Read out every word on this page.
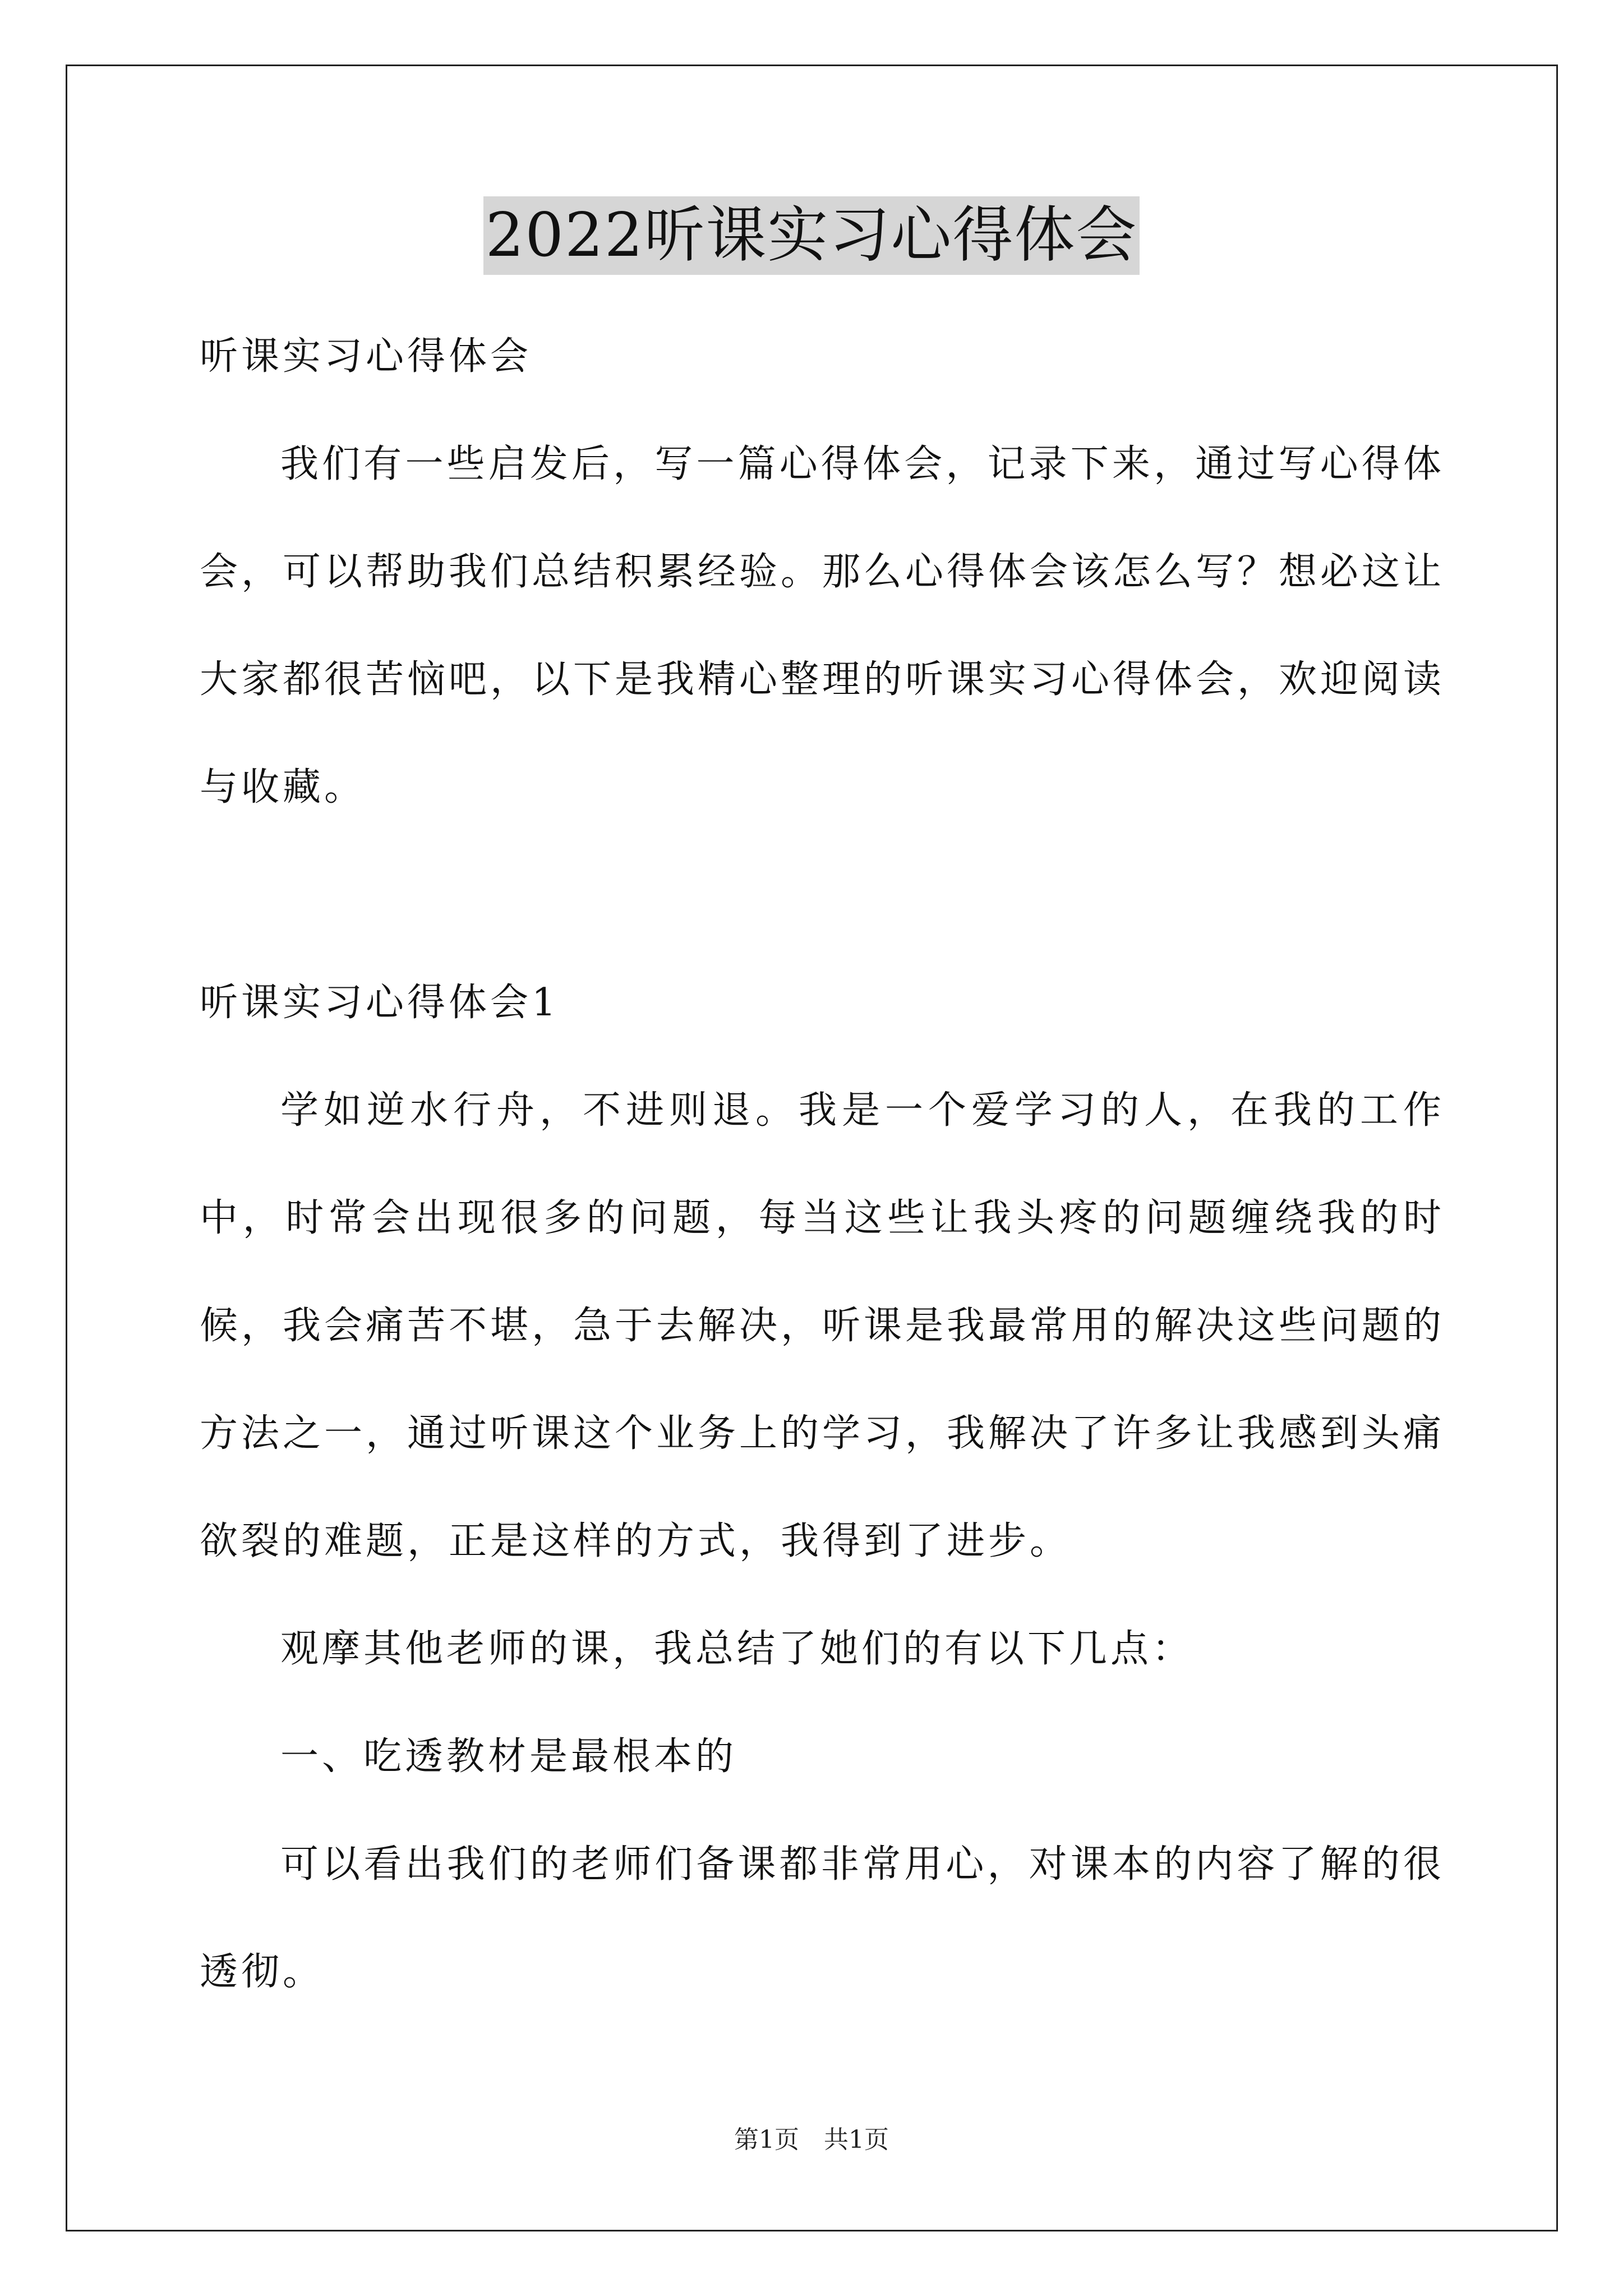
2022听课实习心得体会

听课实习心得体会

我们有一些启发后，写一篇心得体会，记录下来，通过写心得体会，可以帮助我们总结积累经验。那么心得体会该怎么写？想必这让大家都很苦恼吧，以下是我精心整理的听课实习心得体会，欢迎阅读与收藏。

听课实习心得体会1

学如逆水行舟，不进则退。我是一个爱学习的人，在我的工作中，时常会出现很多的问题，每当这些让我头疼的问题缠绕我的时候，我会痛苦不堪，急于去解决，听课是我最常用的解决这些问题的方法之一，通过听课这个业务上的学习，我解决了许多让我感到头痛欲裂的难题，正是这样的方式，我得到了进步。

观摩其他老师的课，我总结了她们的有以下几点：

一、吃透教材是最根本的

可以看出我们的老师们备课都非常用心，对课本的内容了解的很透彻。

第1页 共1页
